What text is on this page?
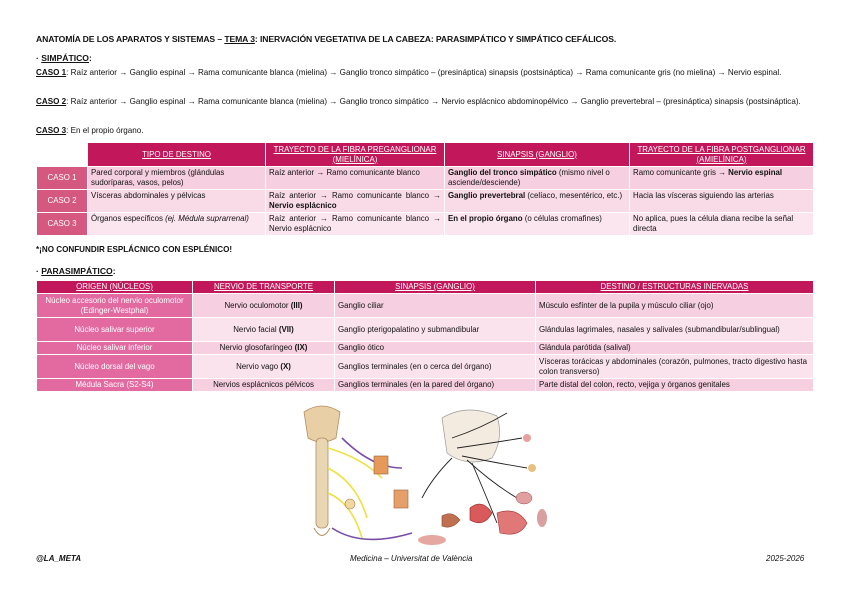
ANATOMÍA DE LOS APARATOS Y SISTEMAS – TEMA 3: INERVACIÓN VEGETATIVA DE LA CABEZA: PARASIMPÁTICO Y SIMPÁTICO CEFÁLICOS.
· SIMPÁTICO:
CASO 1: Raíz anterior → Ganglio espinal → Rama comunicante blanca (mielina) → Ganglio tronco simpático – (presináptica) sinapsis (postsináptica) → Rama comunicante gris (no mielina) → Nervio espinal.
CASO 2: Raíz anterior → Ganglio espinal → Rama comunicante blanca (mielina) → Ganglio tronco simpático → Nervio esplácnico abdominopélvico → Ganglio prevertebral – (presináptica) sinapsis (postsináptica).
CASO 3: En el propio órgano.
	TIPO DE DESTINO	TRAYECTO DE LA FIBRA PREGANGLIONAR (MIELÍNICA)	SINAPSIS (GANGLIO)	TRAYECTO DE LA FIBRA POSTGANGLIONAR (AMIELÍNICA)
CASO 1	Pared corporal y miembros (glándulas sudoríparas, vasos, pelos)	Raíz anterior → Ramo comunicante blanco	Ganglio del tronco simpático (mismo nivel o asciende/desciende)	Ramo comunicante gris → Nervio espinal
CASO 2	Vísceras abdominales y pélvicas	Raíz anterior → Ramo comunicante blanco → Nervio esplácnico	Ganglio prevertebral (celíaco, mesentérico, etc.)	Hacia las vísceras siguiendo las arterias
CASO 3	Órganos específicos (ej. Médula suprarrenal)	Raíz anterior → Ramo comunicante blanco → Nervio esplácnico	En el propio órgano (o células cromafines)	No aplica, pues la célula diana recibe la señal directa
*¡NO CONFUNDIR ESPLÁCNICO CON ESPLÉNICO!
· PARASIMPÁTICO:
ORIGEN (NÚCLEOS)	NERVIO DE TRANSPORTE	SINAPSIS (GANGLIO)	DESTINO / ESTRUCTURAS INERVADAS
Núcleo accesorio del nervio oculomotor (Edinger-Westphal)	Nervio oculomotor (III)	Ganglio ciliar	Músculo esfínter de la pupila y músculo ciliar (ojo)
Núcleo salivar superior	Nervio facial (VII)	Ganglio pterigopalatino y submandibular	Glándulas lagrimales, nasales y salivales (submandibular/sublingual)
Núcleo salivar inferior	Nervio glosofaríngeo (IX)	Ganglio ótico	Glándula parótida (salival)
Núcleo dorsal del vago	Nervio vago (X)	Ganglios terminales (en o cerca del órgano)	Vísceras torácicas y abdominales (corazón, pulmones, tracto digestivo hasta colon transverso)
Médula Sacra (S2-S4)	Nervios esplácnicos pélvicos	Ganglios terminales (en la pared del órgano)	Parte distal del colon, recto, vejiga y órganos genitales
@LA_META	Medicina – Universitat de València	2025-2026
